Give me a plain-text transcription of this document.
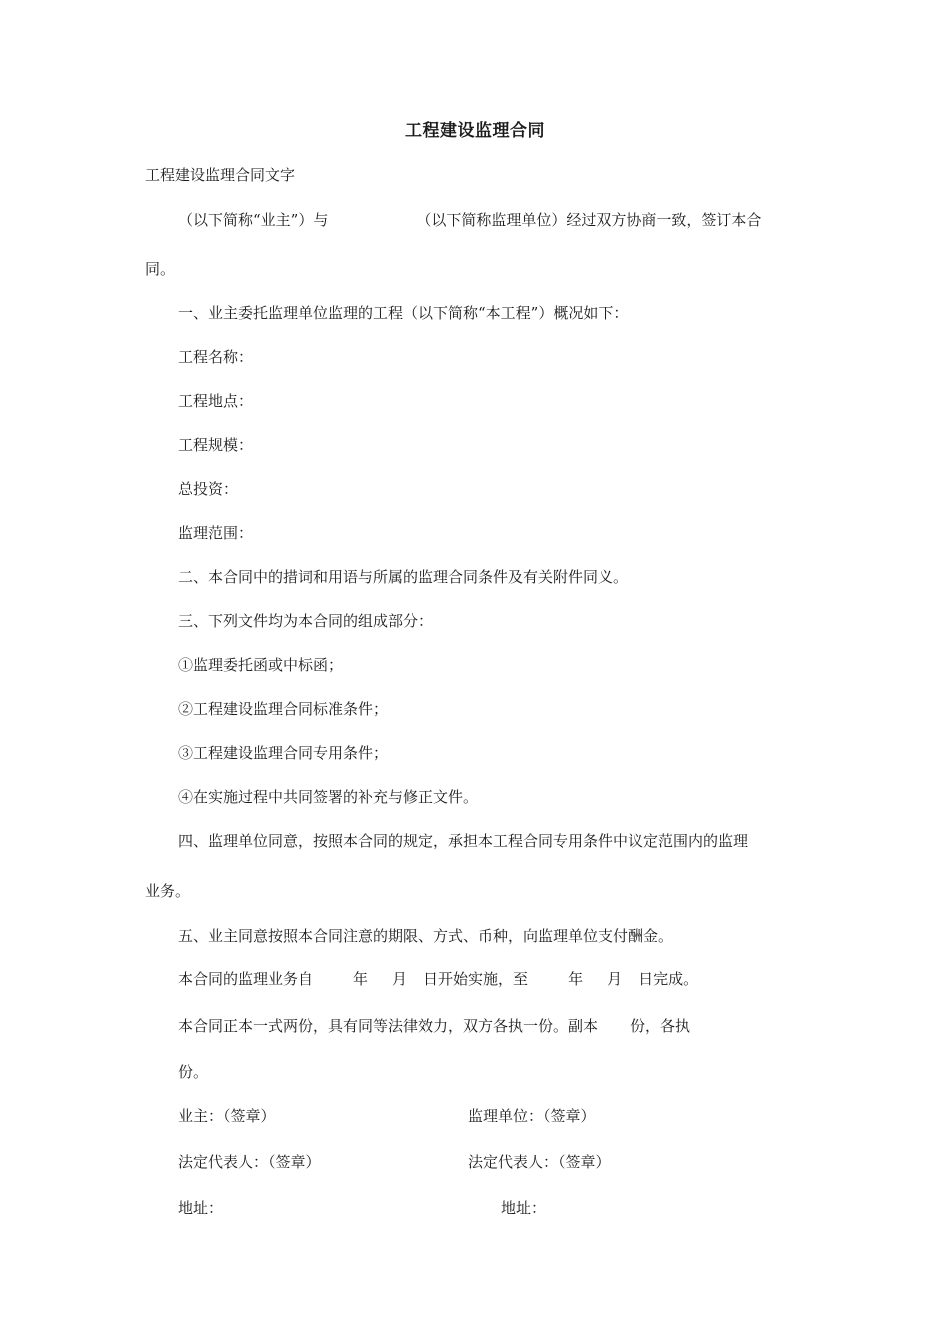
工程建设监理合同
工程建设监理合同文字
（以下简称“业主”）与	（以下简称监理单位）经过双方协商一致，签订本合
同。
一、业主委托监理单位监理的工程（以下简称“本工程”）概况如下：
工程名称：
工程地点：
工程规模：
总投资：
监理范围：
二、本合同中的措词和用语与所属的监理合同条件及有关附件同义。
三、下列文件均为本合同的组成部分：
①监理委托函或中标函；
②工程建设监理合同标准条件；
③工程建设监理合同专用条件；
④在实施过程中共同签署的补充与修正文件。
四、监理单位同意，按照本合同的规定，承担本工程合同专用条件中议定范围内的监理
业务。
五、业主同意按照本合同注意的期限、方式、币种，向监理单位支付酬金。
本合同的监理业务自	年 月 日开始实施，至	年 月 日完成。
本合同正本一式两份，具有同等法律效力，双方各执一份。副本 份，各执
份。
业主：（签章）	监理单位：（签章）
法定代表人：（签章）	法定代表人：（签章）
地址：	地址：
